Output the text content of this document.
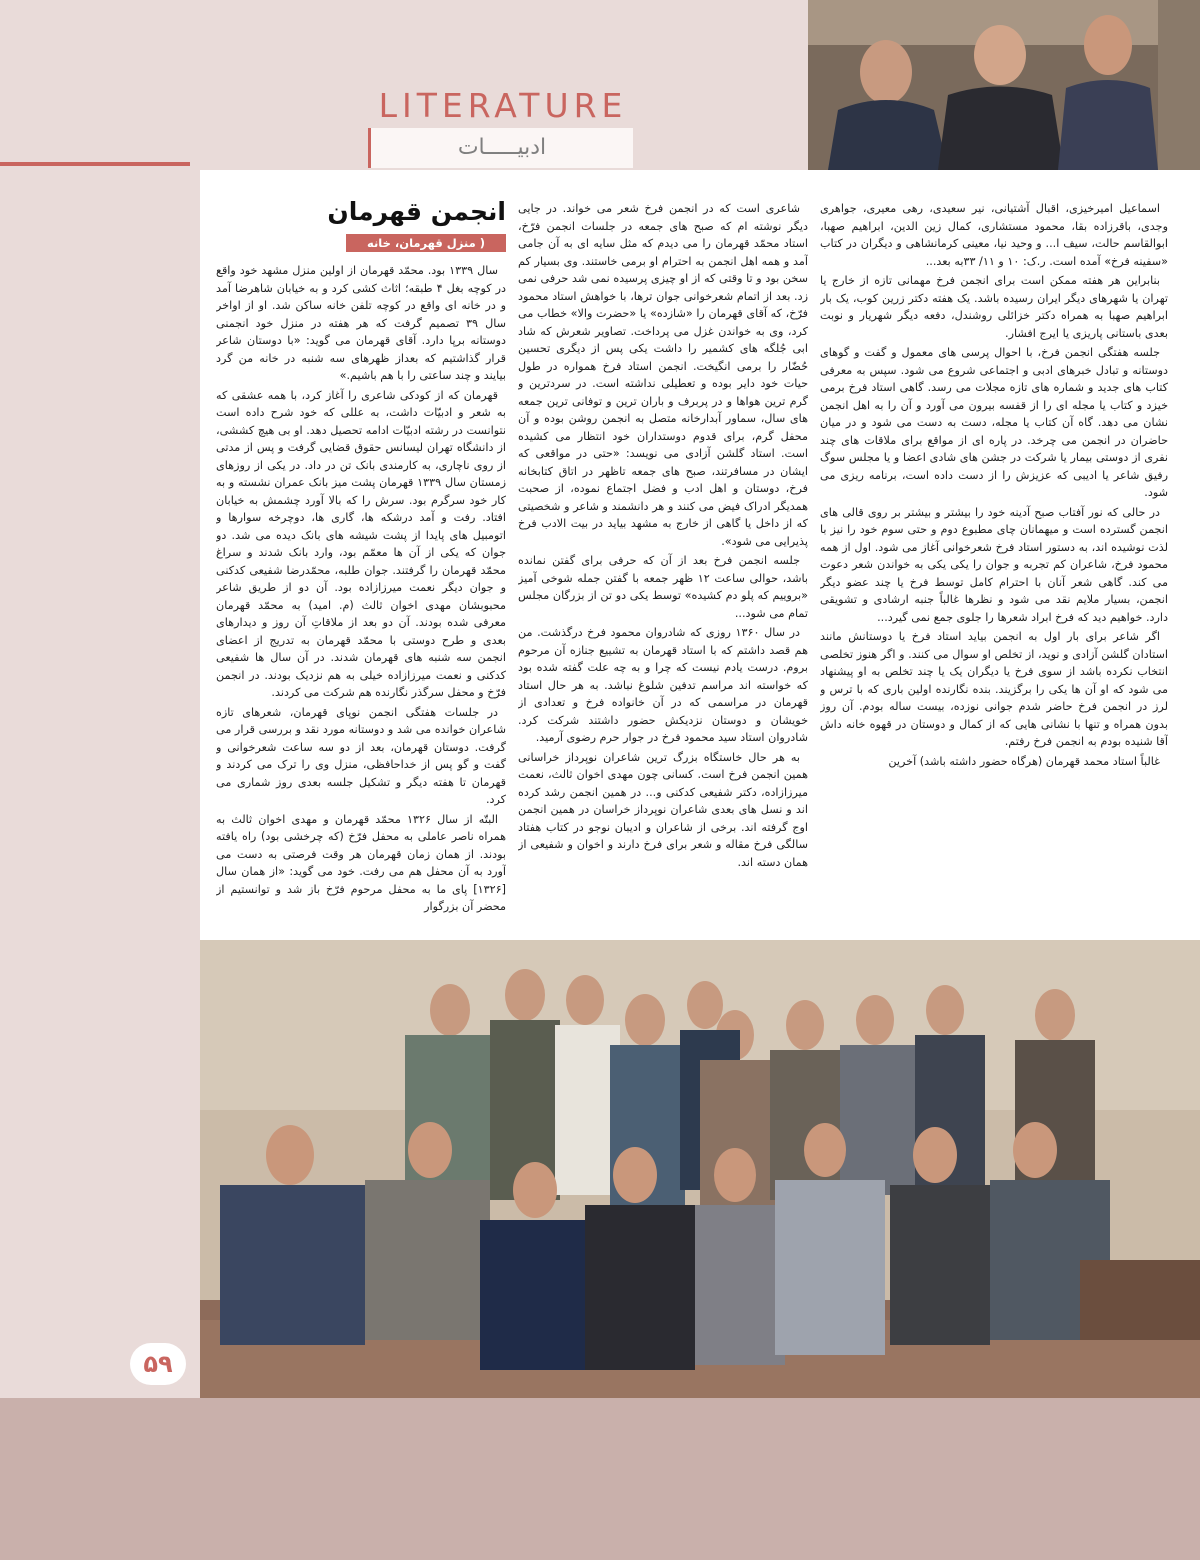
LITERATURE
ادبیـــــات
انجمن قهرمان
( منزل قهرمان، خانه قهرمان )

اسماعیل امیرخیزی، اقبال آشتیانی، نیر سعیدی، رهی معیری، جواهری وجدی، باقرزاده بقا، محمود مستشاری، کمال زین الدین، ابراهیم صهبا، ابوالقاسم حالت، سیف ا... و وحید نیا، معینی کرمانشاهی و دیگران در کتاب «سفینه فرخ» آمده است. ر.ک: ۱۰ و ۱۱/ ۳۳به بعد...

بنابراین هر هفته ممکن است برای انجمن فرخ مهمانی تازه از خارج یا تهران یا شهرهای دیگر ایران رسیده باشد. یک هفته دکتر زرین کوب، یک بار ابراهیم صهبا به همراه دکتر خزائلی روشندل، دفعه دیگر شهریار و نوبت بعدی باستانی پاریزی یا ایرج افشار.

جلسه هفتگی انجمن فرخ، با احوال پرسی های معمول و گفت و گوهای دوستانه و تبادل خبرهای ادبی و اجتماعی شروع می شود. سپس به معرفی کتاب های جدید و شماره های تازه مجلات می رسد. گاهی استاد فرخ برمی خیزد و کتاب یا مجله ای را از قفسه بیرون می آورد و آن را به اهل انجمن نشان می دهد. گاه آن کتاب یا مجله، دست به دست می شود و در میان حاضران در انجمن می چرخد. در پاره ای از مواقع برای ملاقات های چند نفری از دوستی بیمار یا شرکت در جشن های شادی اعضا و یا مجلس سوگ رفیق شاعر یا ادیبی که عزیزش را از دست داده است، برنامه ریزی می شود.

در حالی که نور آفتاب صبح آدینه خود را بیشتر و بیشتر بر روی قالی های انجمن گسترده است و میهمانان چای مطبوع دوم و حتی سوم خود را نیز با لذت نوشیده اند، به دستور استاد فرخ شعرخوانی آغاز می شود. اول از همه محمود فرخ، شاعران کم تجربه و جوان را یکی یکی به خواندن شعر دعوت می کند. گاهی شعر آنان با احترام کامل توسط فرخ یا چند عضو دیگر انجمن، بسیار ملایم نقد می شود و نظرها غالباً جنبه ارشادی و تشویقی دارد. خواهیم دید که فرخ ابراد شعرها را جلوی جمع نمی گیرد...

اگر شاعر برای بار اول به انجمن بیاید استاد فرخ یا دوستانش مانند استادان گلشن آزادی و نوید، از تخلص او سوال می کنند. و اگر هنوز تخلصی انتخاب نکرده باشد از سوی فرخ یا دیگران یک یا چند تخلص به او پیشنهاد می شود که او آن ها یکی را برگزیند. بنده نگارنده اولین باری که با ترس و لرز در انجمن فرخ حاضر شدم جوانی نوزده، بیست ساله بودم. آن روز بدون همراه و تنها با نشانی هایی که از کمال و دوستان در قهوه خانه داش آقا شنیده بودم به انجمن فرخ رفتم.

غالباً استاد محمد قهرمان (هرگاه حضور داشته باشد) آخرین

شاعری است که در انجمن فرخ شعر می خواند. در جایی دیگر نوشته ام که صبح های جمعه در جلسات انجمن فرّخ، استاد محمّد قهرمان را می دیدم که مثل سایه ای به آن جامی آمد و همه اهل انجمن به احترام او برمی خاستند. وی بسیار کم سخن بود و تا وقتی که از او چیزی پرسیده نمی شد حرفی نمی زد. بعد از اتمام شعرخوانی جوان ترها، با خواهش استاد محمود فرّخ، که آقای قهرمان را «شازده» یا «حضرت والا» خطاب می کرد، وی به خواندن غزل می پرداخت. تصاویر شعرش که شاد ابی جُلگه های کشمیر را داشت یکی پس از دیگری تحسین حُضّار را برمی انگیخت. انجمن استاد فرخ همواره در طول حیات خود دایر بوده و تعطیلی نداشته است. در سردترین و گرم ترین هواها و در پربرف و باران ترین و توفانی ترین جمعه های سال، سماور آبدارخانه متصل به انجمن روشن بوده و آن محفل گرم، برای قدوم دوستداران خود انتظار می کشیده است. استاد گلشن آزادی می نویسد: «حتی در مواقعی که ایشان در مسافرتند، صبح های جمعه تاظهر در اتاق کتابخانه فرخ، دوستان و اهل ادب و فضل اجتماع نموده، از صحبت همدیگر ادراک فیض می کنند و هر دانشمند و شاعر و شخصیتی که از داخل یا گاهی از خارج به مشهد بیاید در بیت الادب فرخ پذیرایی می شود».

جلسه انجمن فرخ بعد از آن که حرفی برای گفتن نمانده باشد، حوالی ساعت ۱۲ ظهر جمعه با گفتن جمله شوخی آمیز «بروییم که پلو دم کشیده» توسط یکی دو تن از بزرگان مجلس تمام می شود...

در سال ۱۳۶۰ روزی که شادروان محمود فرخ درگذشت. من هم قصد داشتم که با استاد قهرمان به تشییع جنازه آن مرحوم بروم. درست یادم نیست که چرا و به چه علت گفته شده بود که خواسته اند مراسم تدفین شلوغ نباشد. به هر حال استاد قهرمان در مراسمی که در آن خانواده فرخ و تعدادی از خویشان و دوستان نزدیکش حضور داشتند شرکت کرد. شادروان استاد سید محمود فرخ در جوار حرم رضوی آرمید.

به هر حال خاستگاه بزرگ ترین شاعران نوپرداز خراسانی همین انجمن فرخ است. کسانی چون مهدی اخوان ثالث، نعمت میرزازاده، دکتر شفیعی کدکنی و... در همین انجمن رشد کرده اند و نسل های بعدی شاعران نوپرداز خراسان در همین انجمن اوج گرفته اند. برخی از شاعران و ادیبان نوجو در کتاب هفتاد سالگی فرخ مقاله و شعر برای فرخ دارند و اخوان و شفیعی از همان دسته اند.

سال ۱۳۳۹ بود. محمّد قهرمان از اولین منزل مشهد خود واقع در کوچه بغل ۴ طبقه؛ اثاث کشی کرد و به خیابان شاهرضا آمد و در خانه ای واقع در کوچه تلفن خانه ساکن شد. او از اواخر سال ۳۹ تصمیم گرفت که هر هفته در منزل خود انجمنی دوستانه برپا دارد. آقای قهرمان می گوید: «با دوستان شاعر قرار گذاشتیم که بعداز ظهرهای سه شنبه در خانه من گرد بیایند و چند ساعتی را با هم باشیم.»

قهرمان که از کودکی شاعری را آغاز کرد، با همه عشقی که به شعر و ادبیّات داشت، به عللی که خود شرح داده است نتوانست در رشته ادبیّات ادامه تحصیل دهد. او بی هیچ کششی، از دانشگاه تهران لیسانس حقوق قضایی گرفت و پس از مدتی از روی ناچاری، به کارمندی بانک تن در داد. در یکی از روزهای زمستان سال ۱۳۳۹ قهرمان پشت میز بانک عمران نشسته و به کار خود سرگرم بود. سرش را که بالا آورد چشمش به خیابان افتاد. رفت و آمد درشکه ها، گاری ها، دوچرخه سوارها و اتومبیل های پایدا از پشت شیشه های بانک دیده می شد. دو جوان که یکی از آن ها معمّم بود، وارد بانک شدند و سراغ محمّد قهرمان را گرفتند. جوان طلبه، محمّدرضا شفیعی کدکنی و جوان دیگر نعمت میرزازاده بود. آن دو از طریق شاعر محبوبشان مهدی اخوان ثالث (م. امید) به محمّد قهرمان معرفی شده بودند. آن دو بعد از ملاقاتِ آن روز و دیدارهای بعدی و طرح دوستی با محمّد قهرمان به تدریج از اعضای انجمن سه شنبه های قهرمان شدند. در آن سال ها شفیعی کدکنی و نعمت میرزازاده خیلی به هم نزدیک بودند. در انجمن فرّخ و محفل سرگذر نگارنده هم شرکت می کردند.

در جلسات هفتگی انجمن نوپای قهرمان، شعرهای تازه شاعران خوانده می شد و دوستانه مورد نقد و بررسی قرار می گرفت. دوستان قهرمان، بعد از دو سه ساعت شعرخوانی و گفت و گو پس از خداحافظی، منزل وی را ترک می کردند و قهرمان تا هفته دیگر و تشکیل جلسه بعدی روز شماری می کرد.

البتّه از سال ۱۳۲۶ محمّد قهرمان و مهدی اخوان ثالث به همراه ناصر عاملی به محفل فرّخ (که چرخشی بود) راه یافته بودند. از همان زمان قهرمان هر وقت فرصتی به دست می آورد به آن محفل هم می رفت. خود می گوید: «از همان سال [۱۳۲۶] پای ما به محفل مرحوم فرّخ باز شد و توانستیم از محضر آن بزرگوار

۵۹
